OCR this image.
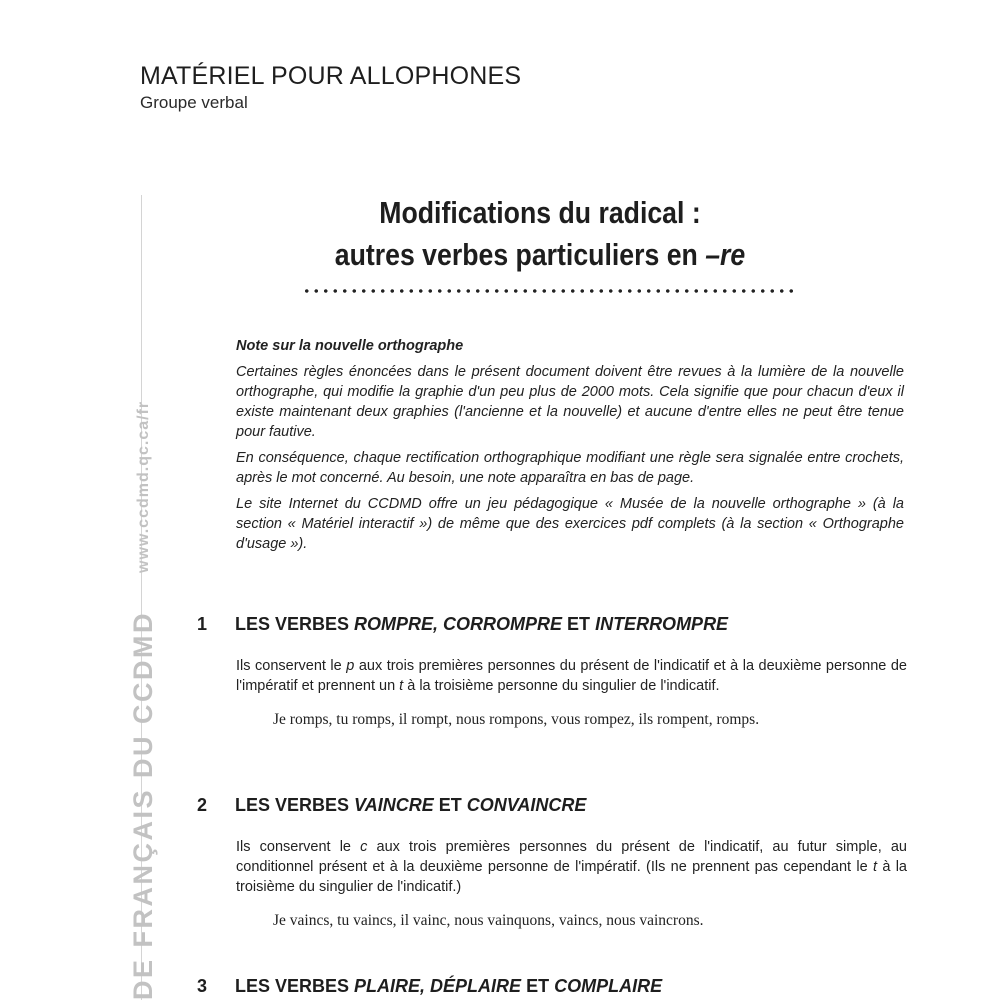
MATÉRIEL POUR ALLOPHONES
Groupe verbal
DE FRANÇAIS DU CCDMDwww.ccdmd.qc.ca/fr
Modifications du radical :
autres verbes particuliers en –re
Note sur la nouvelle orthographe

Certaines règles énoncées dans le présent document doivent être revues à la lumière de la nouvelle orthographe, qui modifie la graphie d'un peu plus de 2000 mots. Cela signifie que pour chacun d'eux il existe maintenant deux graphies (l'ancienne et la nouvelle) et aucune d'entre elles ne peut être tenue pour fautive.

En conséquence, chaque rectification orthographique modifiant une règle sera signalée entre crochets, après le mot concerné. Au besoin, une note apparaîtra en bas de page.

Le site Internet du CCDMD offre un jeu pédagogique « Musée de la nouvelle orthographe » (à la section « Matériel interactif ») de même que des exercices pdf complets (à la section « Orthographe d'usage »).

1 LES VERBES ROMPRE, CORROMPRE ET INTERROMPRE
Ils conservent le p aux trois premières personnes du présent de l'indicatif et à la deuxième personne de l'impératif et prennent un t à la troisième personne du singulier de l'indicatif.
Je romps, tu romps, il rompt, nous rompons, vous rompez, ils rompent, romps.
2 LES VERBES VAINCRE ET CONVAINCRE
Ils conservent le c aux trois premières personnes du présent de l'indicatif, au futur simple, au conditionnel présent et à la deuxième personne de l'impératif. (Ils ne prennent pas cependant le t à la troisième du singulier de l'indicatif.)
Je vaincs, tu vaincs, il vainc, nous vainquons, vaincs, nous vaincrons.
3 LES VERBES PLAIRE, DÉPLAIRE ET COMPLAIRE
